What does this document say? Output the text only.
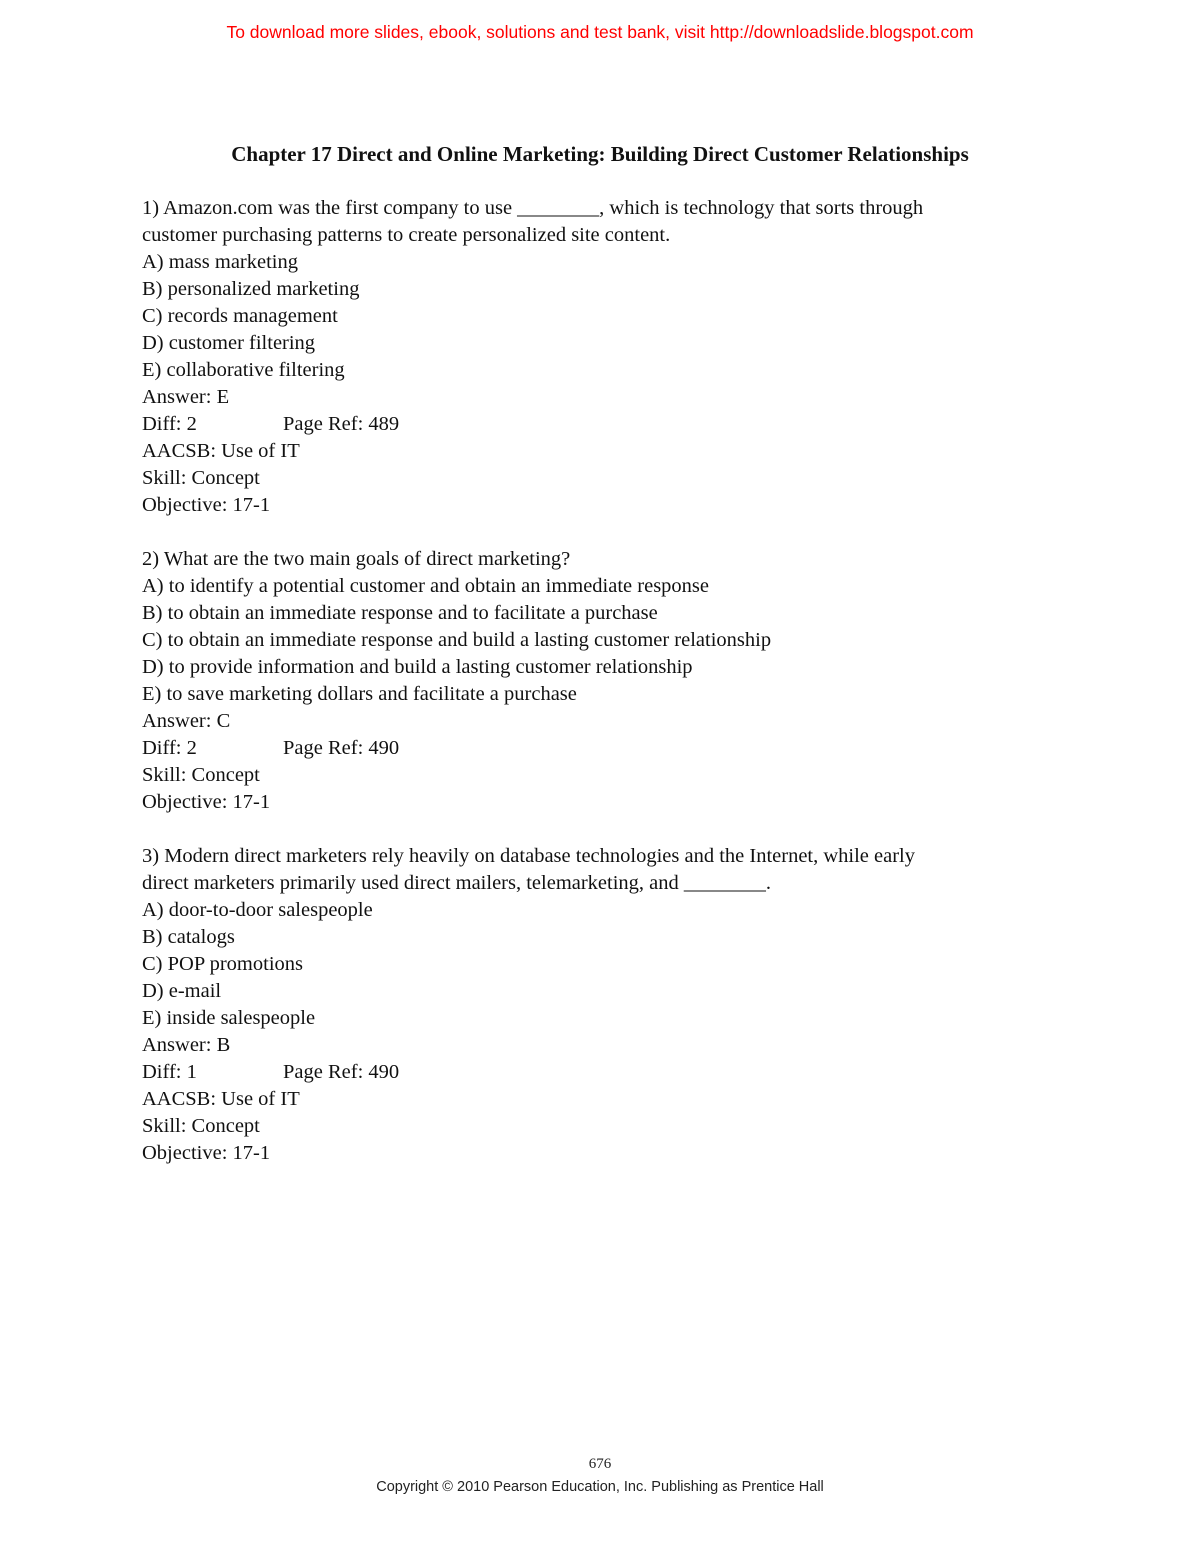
To download more slides, ebook, solutions and test bank, visit http://downloadslide.blogspot.com
Chapter 17 Direct and Online Marketing: Building Direct Customer Relationships
1) Amazon.com was the first company to use ________, which is technology that sorts through
customer purchasing patterns to create personalized site content.
A) mass marketing
B) personalized marketing
C) records management
D) customer filtering
E) collaborative filtering
Answer: E
Diff: 2	Page Ref: 489
AACSB: Use of IT
Skill: Concept
Objective: 17-1
2) What are the two main goals of direct marketing?
A) to identify a potential customer and obtain an immediate response
B) to obtain an immediate response and to facilitate a purchase
C) to obtain an immediate response and build a lasting customer relationship
D) to provide information and build a lasting customer relationship
E) to save marketing dollars and facilitate a purchase
Answer: C
Diff: 2	Page Ref: 490
Skill: Concept
Objective: 17-1
3) Modern direct marketers rely heavily on database technologies and the Internet, while early
direct marketers primarily used direct mailers, telemarketing, and ________.
A) door-to-door salespeople
B) catalogs
C) POP promotions
D) e-mail
E) inside salespeople
Answer: B
Diff: 1	Page Ref: 490
AACSB: Use of IT
Skill: Concept
Objective: 17-1
676
Copyright © 2010 Pearson Education, Inc. Publishing as Prentice Hall
